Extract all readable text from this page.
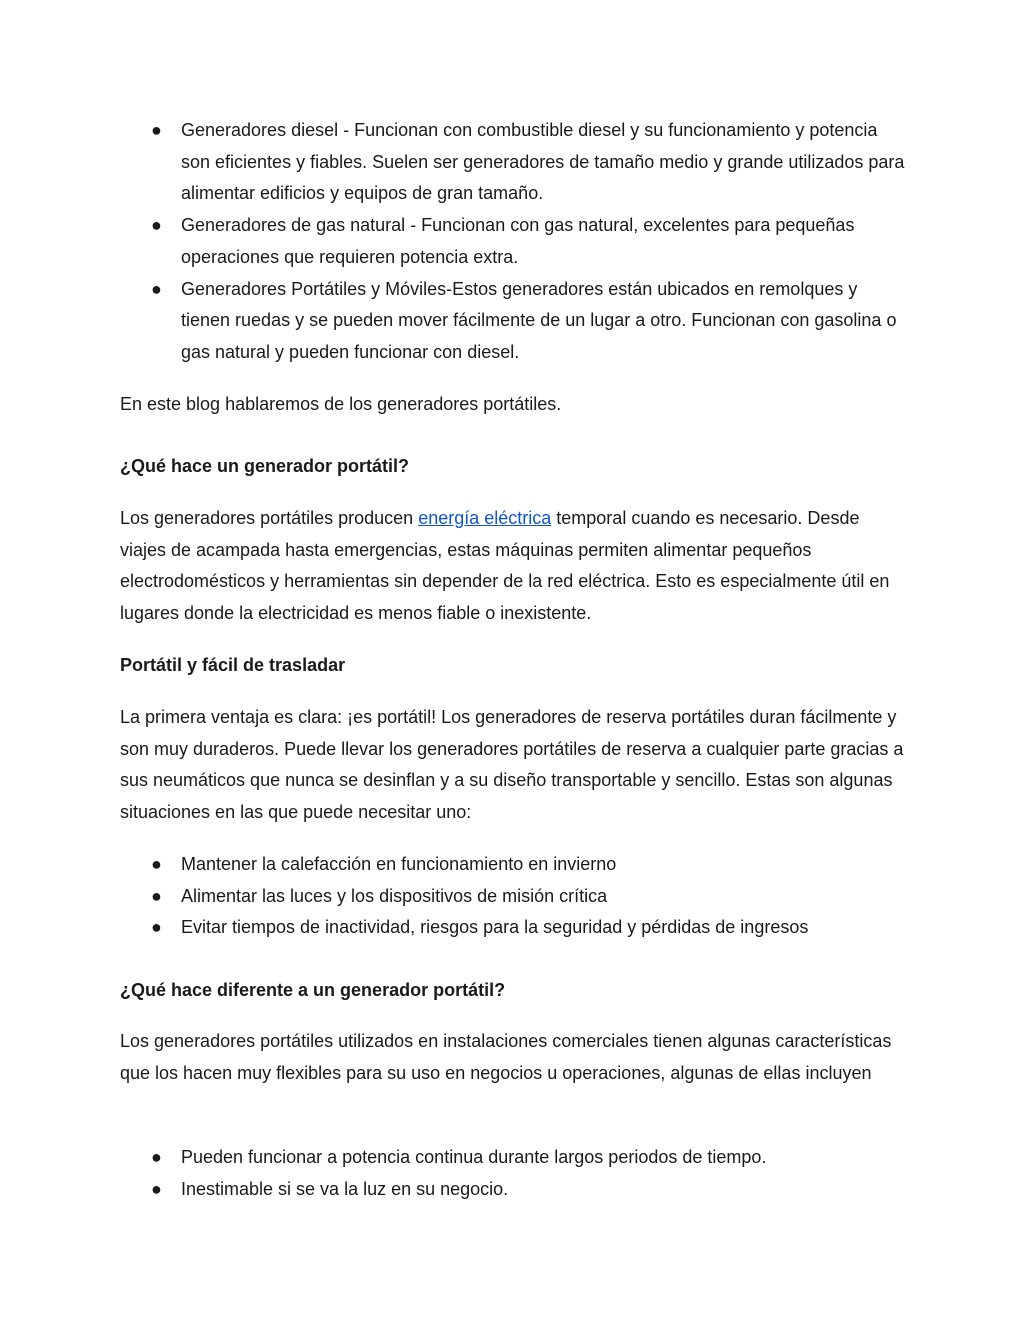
● Generadores diesel - Funcionan con combustible diesel y su funcionamiento y potencia son eficientes y fiables. Suelen ser generadores de tamaño medio y grande utilizados para alimentar edificios y equipos de gran tamaño.
● Generadores de gas natural - Funcionan con gas natural, excelentes para pequeñas operaciones que requieren potencia extra.
● Generadores Portátiles y Móviles-Estos generadores están ubicados en remolques y tienen ruedas y se pueden mover fácilmente de un lugar a otro. Funcionan con gasolina o gas natural y pueden funcionar con diesel.

En este blog hablaremos de los generadores portátiles.

¿Qué hace un generador portátil?

Los generadores portátiles producen energía eléctrica temporal cuando es necesario. Desde viajes de acampada hasta emergencias, estas máquinas permiten alimentar pequeños electrodomésticos y herramientas sin depender de la red eléctrica. Esto es especialmente útil en lugares donde la electricidad es menos fiable o inexistente.

Portátil y fácil de trasladar

La primera ventaja es clara: ¡es portátil! Los generadores de reserva portátiles duran fácilmente y son muy duraderos. Puede llevar los generadores portátiles de reserva a cualquier parte gracias a sus neumáticos que nunca se desinflan y a su diseño transportable y sencillo. Estas son algunas situaciones en las que puede necesitar uno:

● Mantener la calefacción en funcionamiento en invierno
● Alimentar las luces y los dispositivos de misión crítica
● Evitar tiempos de inactividad, riesgos para la seguridad y pérdidas de ingresos
¿Qué hace diferente a un generador portátil?

Los generadores portátiles utilizados en instalaciones comerciales tienen algunas características que los hacen muy flexibles para su uso en negocios u operaciones, algunas de ellas incluyen

● Pueden funcionar a potencia continua durante largos periodos de tiempo.
● Inestimable si se va la luz en su negocio.
